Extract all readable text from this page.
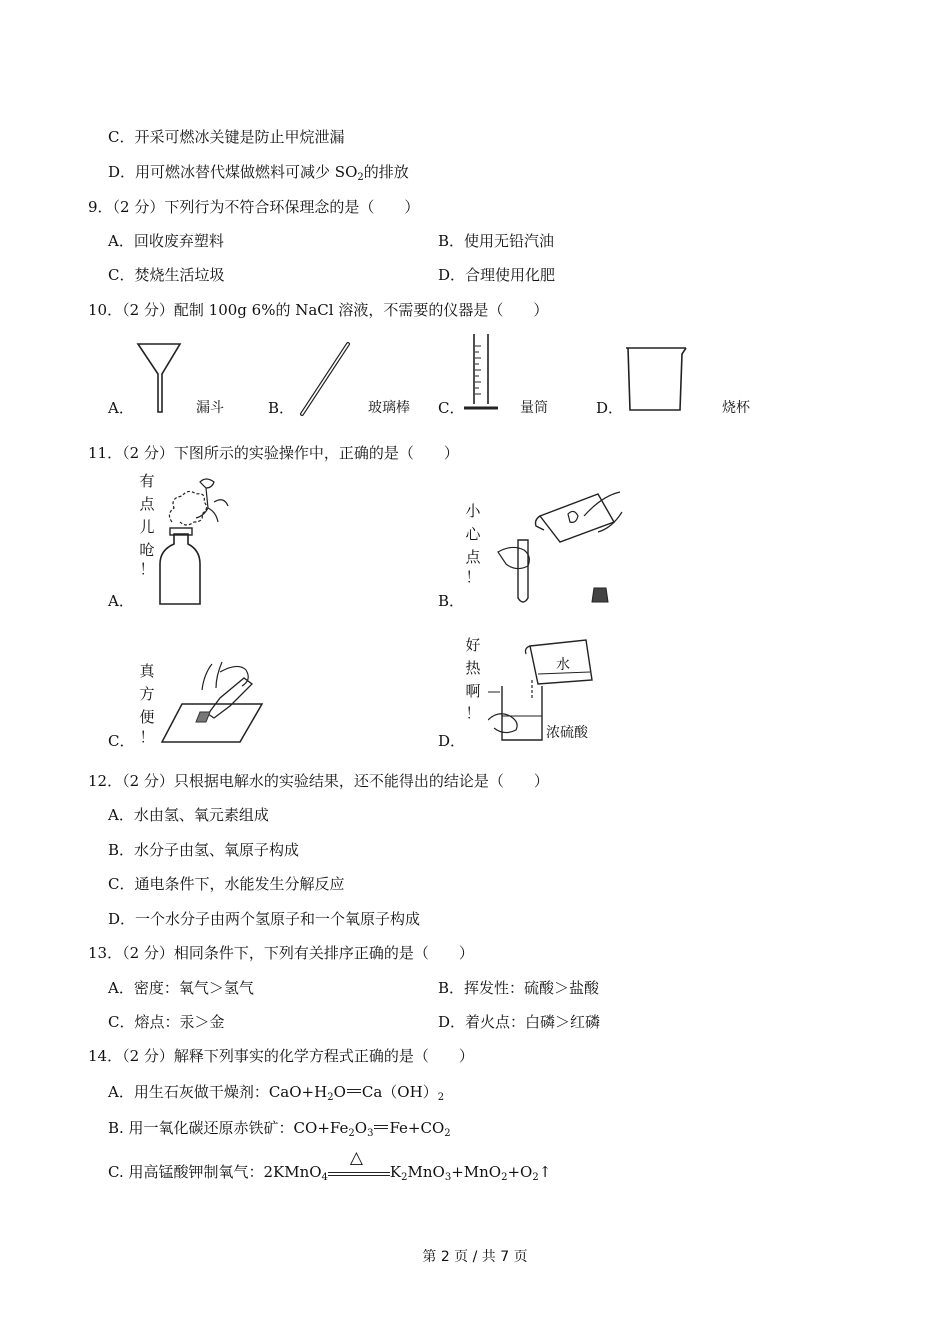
C．开采可燃冰关键是防止甲烷泄漏
D．用可燃冰替代煤做燃料可减少 $SO_2$的排放
9．（2 分）下列行为不符合环保理念的是（　　）
A．回收废弃塑料	B．使用无铅汽油
C．焚烧生活垃圾	D．合理使用化肥
10．（2 分）配制 100g 6%的 NaCl 溶液，不需要的仪器是（　　）
A．	漏斗	B．	玻璃棒 C．	量筒	D．	烧杯
11．（2 分）下图所示的实验操作中，正确的是（　　）
A．
有
点
儿
呛
！
B．
小
心
点
！
C．
真
方
便
！	D．
好
热
啊
！
水
浓硫酸
12．（2 分）只根据电解水的实验结果，还不能得出的结论是（　　）
A．水由氢、氧元素组成
B．水分子由氢、氧原子构成
C．通电条件下，水能发生分解反应
D．一个水分子由两个氢原子和一个氧原子构成
13．（2 分）相同条件下，下列有关排序正确的是（　　）
A．密度：氧气＞氢气	B．挥发性：硫酸＞盐酸
C．熔点：汞＞金	D．着火点：白磷＞红磷
14．（2 分）解释下列事实的化学方程式正确的是（　　）
A．用生石灰做干燥剂：$CaO+H_2O$ $Ca(OH)_2$
B. 用一氧化碳还原赤铁矿：$CO+Fe_2O_3$ $Fe+CO_2$
C. 用高锰酸钾制氧气：2KMnO$_4$
△
$K_2MnO_3+MnO_2+O_2↑$
第 2 页 / 共 7 页
